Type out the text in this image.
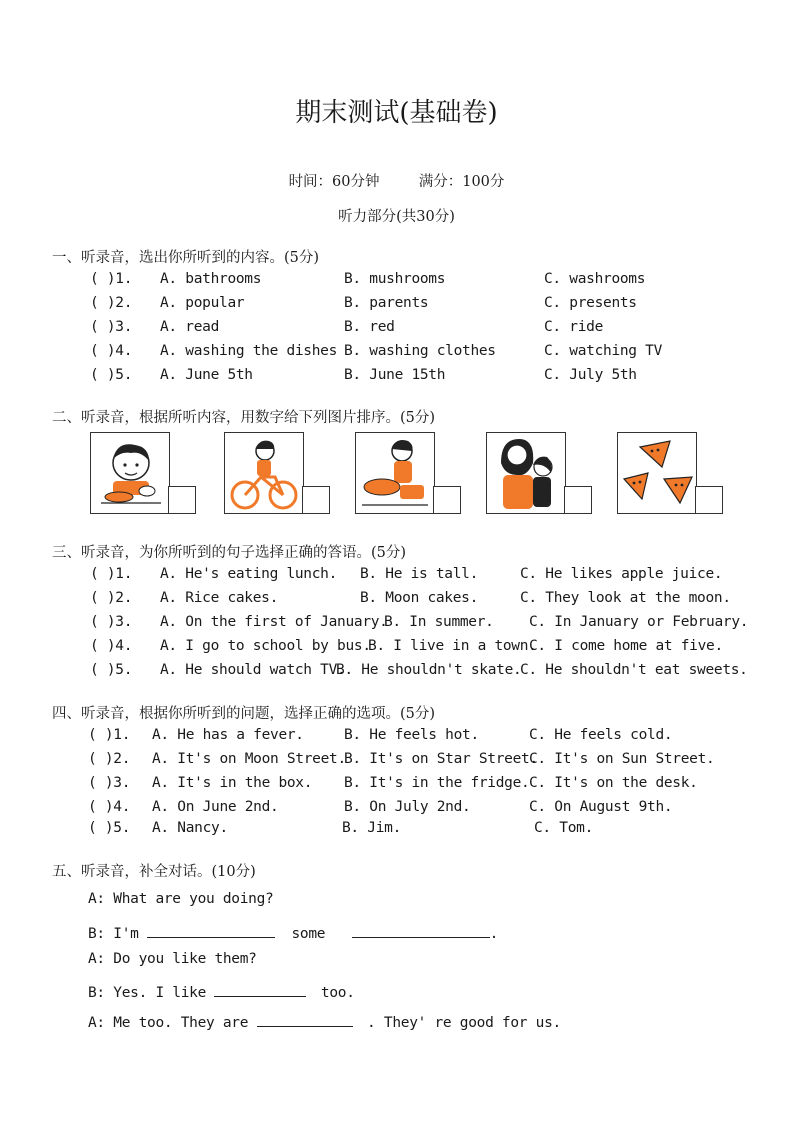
期末测试(基础卷)
时间：60分钟	满分：100分
听力部分(共30分)
一、听录音，选出你所听到的内容。(5分)
( )1. A. bathrooms	B. mushrooms	C. washrooms
( )2. A. popular	B. parents	C. presents
( )3. A. read	B. red	C. ride
( )4. A. washing the dishes B. washing clothes	C. watching TV
( )5. A. June 5th	B. June 15th	C. July 5th
二、听录音，根据所听内容，用数字给下列图片排序。(5分)
三、听录音，为你所听到的句子选择正确的答语。(5分)
( )1. A. He's eating lunch. B. He is tall.	C. He likes apple juice.
( )2. A. Rice cakes.	B. Moon cakes.	C. They look at the moon.
( )3. A. On the first of January.
B. In summer. C. In January or February.
( )4. A. I go to school by bus.
B. I live in a town.
C. I come home at five.
( )5. A. He should watch TV.
B. He shouldn't skate.
C. He shouldn't eat sweets.
四、听录音，根据你所听到的问题，选择正确的选项。(5分)
( )1. A. He has a fever.	B. He feels hot.	C. He feels cold.
( )2. A. It's on Moon Street.
B. It's on Star Street.
C. It's on Sun Street.
( )3. A. It's in the box. B. It's in the fridge. C. It's on the desk.
( )4. A. On June 2nd.	B. On July 2nd.	C. On August 9th.
( )5. A. Nancy.	B. Jim.	C. Tom.
五、听录音，补全对话。(10分)
A: What are you doing?
B: I'm	some	.
A: Do you like them?
B: Yes. I like	too.
A: Me too. They are	. They' re good for us.
